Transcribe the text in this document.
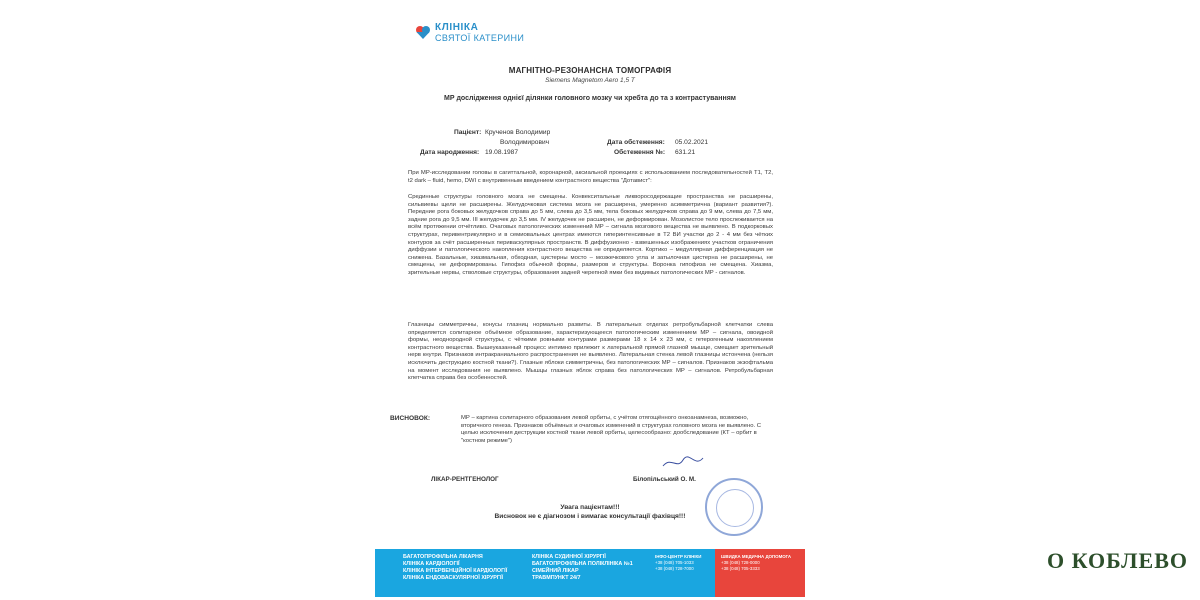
КЛІНІКА
СВЯТОЇ КАТЕРИНИ
МАГНІТНО-РЕЗОНАНСНА ТОМОГРАФІЯ
Siemens Magnetom Aero 1,5 T
МР дослідження однієї ділянки головного мозку чи хребта до та з контрастуванням
Пацієнт: Крученов Володимир
Володимирович
Дата народження: 19.08.1987
Дата обстеження: 05.02.2021
Обстеження №: 631.21
При МР-исследовании головы в сагиттальной, коронарной, аксиальной проекциях с использованием последовательностей T1, T2, t2 dark – fluid, hemo, DWI с внутривенным введением контрастного вещества "Дотавист":
Срединные структуры головного мозга не смещены. Конвекситальные ликворосодержащие пространства не расширены, сильвиевы щели не расширены. Желудочковая система мозга не расширена, умеренно асимметрична (вариант развития?). Передние рога боковых желудочков справа до 5 мм, слева до 3,5 мм, тела боковых желудочков справа до 9 мм, слева до 7,5 мм, задние рога до 9,5 мм. III желудочек до 3,5 мм. IV желудочек не расширен, не деформирован. Мозолистое тело прослеживается на всём протяжении отчётливо. Очаговых патологических изменений МР – сигнала мозгового вещества не выявлено. В подкорковых структурах, перивентрикулярно и в семиовальных центрах имеются гиперинтенсивные в T2 ВИ участки до 2 - 4 мм без чётких контуров за счёт расширенных периваскулярных пространств. В диффузионно - взвешенных изображениях участков ограничения диффузии и патологического накопления контрастного вещества не определяется. Кортико – медуллярная дифференциация не снижена. Базальные, хиазмальная, обходная, цистерны мосто – мозжечкового угла и затылочная цистерна не расширены, не смещены, не деформированы. Гипофиз обычной формы, размеров и структуры. Воронка гипофиза не смещена. Хиазма, зрительные нервы, стволовые структуры, образования задней черепной ямки без видимых патологических МР - сигналов.
Глазницы симметричны, конусы глазниц нормально развиты. В латеральных отделах ретробульбарной клетчатки слева определяется солитарное объёмное образование, характеризующееся патологическим изменением МР – сигнала, овоидной формы, неоднородной структуры, с чёткими ровными контурами размерами 18 х 14 х 23 мм, с гетерогенным накоплением контрастного вещества. Вышеуказанный процесс интимно прилежит к латеральной прямой глазной мышце, смещает зрительный нерв кнутри. Признаков интракраниального распространения не выявлено. Латеральная стенка левой глазницы истончена (нельзя исключить деструкцию костной ткани?). Глазные яблоки симметричны, без патологических МР – сигналов. Признаков экзофтальма на момент исследования не выявлено. Мышцы глазных яблок справа без патологических МР – сигналов. Ретробульбарная клетчатка справа без особенностей.
ВИСНОВОК:	МР – картина солитарного образования левой орбиты, с учётом отягощённого онкоанамнеза, возможно, вторичного генеза. Признаков объёмных и очаговых изменений в структурах головного мозга не выявлено. С целью исключения деструкции костной ткани левой орбиты, целесообразно: дообследование (КТ – орбит в "костном режиме")
ЛІКАР-РЕНТГЕНОЛОГ	Білопільський О. М.
Увага пацієнтам!!!
Висновок не є діагнозом і вимагає консультації фахівця!!!
БАГАТОПРОФІЛЬНА ЛІКАРНЯ
КЛІНІКА КАРДІОЛОГІЇ
КЛІНІКА ІНТЕРВЕНЦІЙНОЇ КАРДІОЛОГІЇ
КЛІНІКА ЕНДОВАСКУЛЯРНОЇ ХІРУРГІЇ
КЛІНІКА СУДИННОЇ ХІРУРГІЇ
БАГАТОПРОФІЛЬНА ПОЛІКЛІНІКА №1
СІМЕЙНИЙ ЛІКАР
ТРАВМПУНКТ 24/7
ІНФО-ЦЕНТР КЛІНІКИ
+38 (048) 705-1033
+38 (048) 728-7000
ШВИДКА МЕДИЧНА ДОПОМОГА
+38 (048) 728-0000
+38 (048) 705-3333	О КОБЛЕВО
